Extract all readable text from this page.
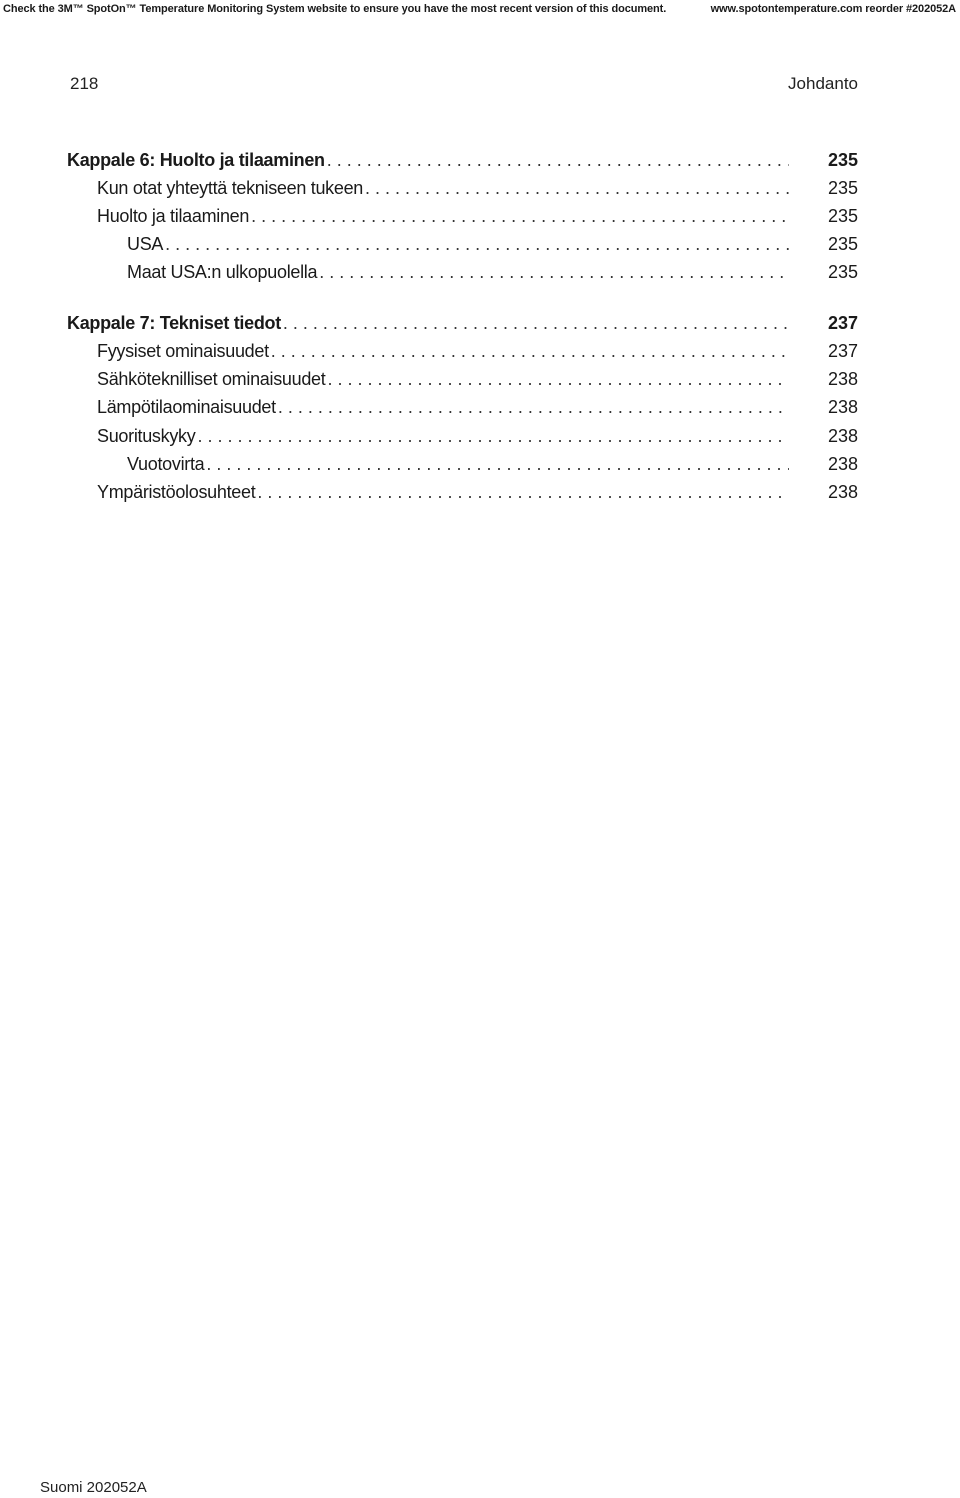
Check the 3M™ SpotOn™ Temperature Monitoring System website to ensure you have the most recent version of this document.	www.spotontemperature.com reorder #202052A
218	Johdanto
Kappale 6: Huolto ja tilaaminen . . .	235
Kun otat yhteyttä tekniseen tukeen . . .	235
Huolto ja tilaaminen . . .	235
USA . . .	235
Maat USA:n ulkopuolella . . .	235
Kappale 7: Tekniset tiedot . . .	237
Fyysiset ominaisuudet . . .	237
Sähköteknilliset ominaisuudet . . .	238
Lämpötilaominaisuudet . . .	238
Suorituskyky . . .	238
Vuotovirta . . .	238
Ympäristöolosuhteet . . .	238
Suomi 202052A
